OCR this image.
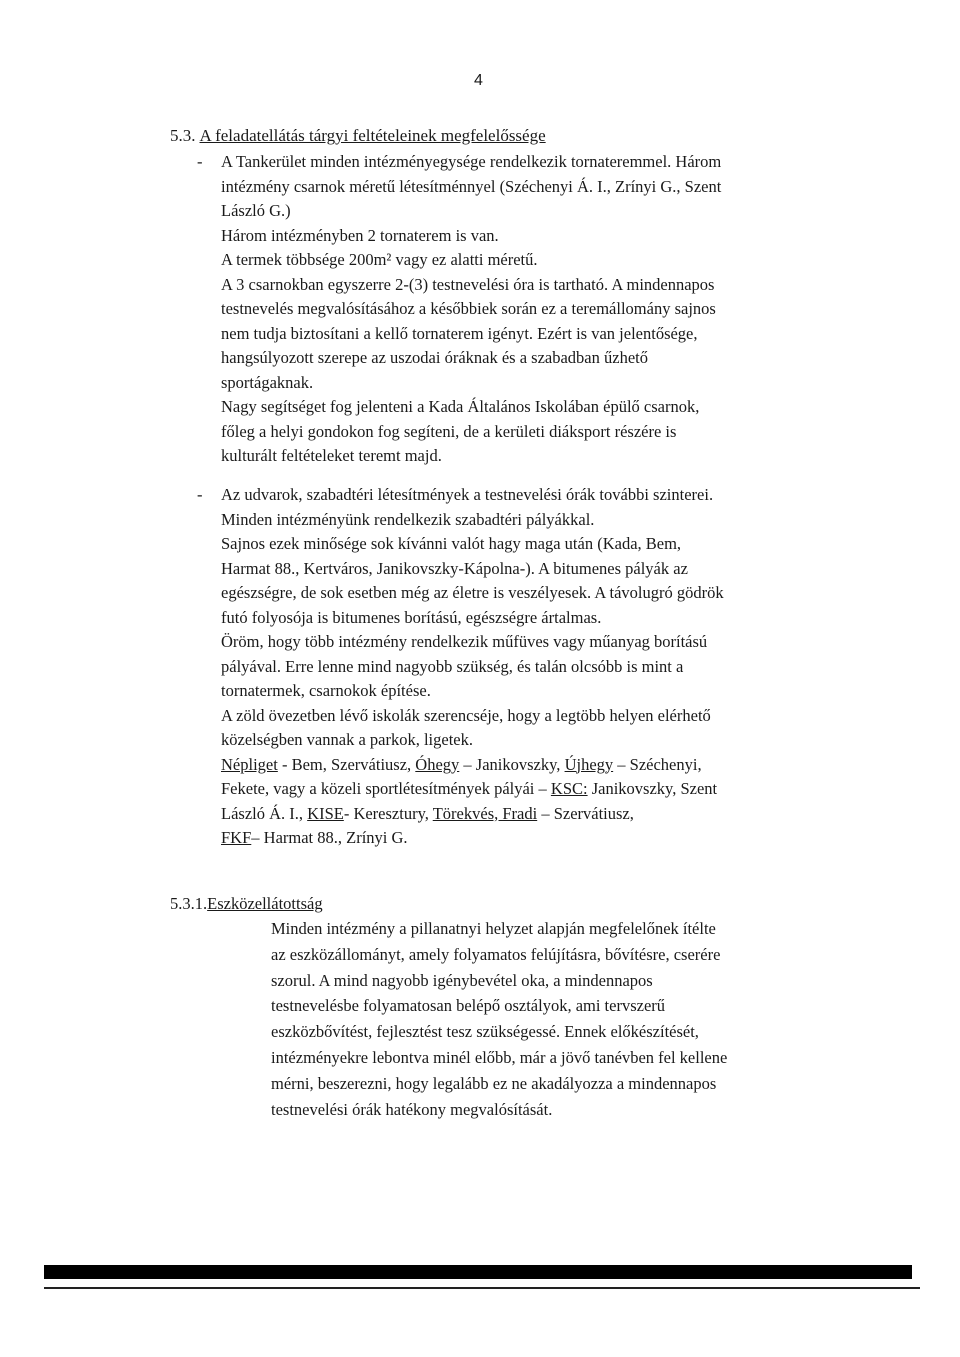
4
5.3. A feladatellátás tárgyi feltételeinek megfelelőssége
- A Tankerület minden intézményegysége rendelkezik tornateremmel. Három
intézmény csarnok méretű létesítménnyel (Széchenyi Á. I., Zrínyi G., Szent
László G.)
Három intézményben 2 tornaterem is van.
A termek többsége 200m² vagy ez alatti méretű.
A 3 csarnokban egyszerre 2-(3) testnevelési óra is tartható. A mindennapos
testnevelés megvalósításához a későbbiek során ez a teremállomány sajnos
nem tudja biztosítani a kellő tornaterem igényt. Ezért is van jelentősége,
hangsúlyozott szerepe az uszodai óráknak és a szabadban űzhető
sportágaknak.
Nagy segítséget fog jelenteni a Kada Általános Iskolában épülő csarnok,
főleg a helyi gondokon fog segíteni, de a kerületi diáksport részére is
kulturált feltételeket teremt majd.
- Az udvarok, szabadtéri létesítmények a testnevelési órák további szinterei.
Minden intézményünk rendelkezik szabadtéri pályákkal.
Sajnos ezek minősége sok kívánni valót hagy maga után (Kada, Bem,
Harmat 88., Kertváros, Janikovszky-Kápolna-). A bitumenes pályák az
egészségre, de sok esetben még az életre is veszélyesek. A távolugró gödrök
futó folyosója is bitumenes borítású, egészségre ártalmas.
Öröm, hogy több intézmény rendelkezik műfüves vagy műanyag borítású
pályával. Erre lenne mind nagyobb szükség, és talán olcsóbb is mint a
tornatermek, csarnokok építése.
A zöld övezetben lévő iskolák szerencséje, hogy a legtöbb helyen elérhető
közelségben vannak a parkok, ligetek.
Népliget - Bem, Szervátiusz, Óhegy – Janikovszky, Újhegy – Széchenyi,
Fekete, vagy a közeli sportlétesítmények pályái – KSC: Janikovszky, Szent
László Á. I., KISE- Keresztury, Törekvés, Fradi – Szervátiusz,
FKF– Harmat 88., Zrínyi G.
5.3.1.Eszközellátottság
Minden intézmény a pillanatnyi helyzet alapján megfelelőnek ítélte
az eszközállományt, amely folyamatos felújításra, bővítésre, cserére
szorul. A mind nagyobb igénybevétel oka, a mindennapos
testnevelésbe folyamatosan belépő osztályok, ami tervszerű
eszközbővítést, fejlesztést tesz szükségessé. Ennek előkészítését,
intézményekre lebontva minél előbb, már a jövő tanévben fel kellene
mérni, beszerezni, hogy legalább ez ne akadályozza a mindennapos
testnevelési órák hatékony megvalósítását.
